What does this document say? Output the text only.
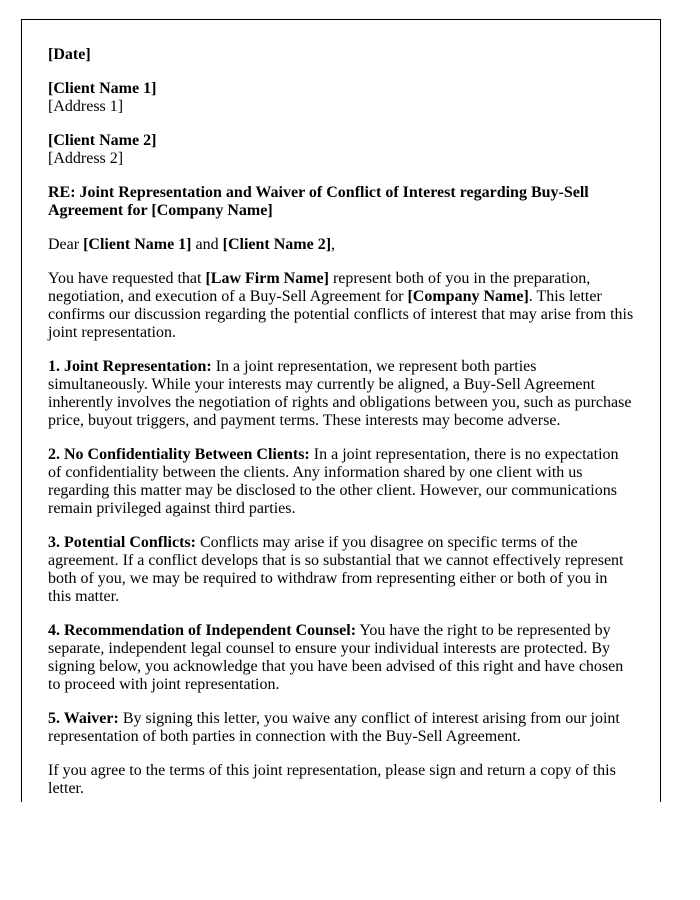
[Date]

[Client Name 1]
[Address 1]

[Client Name 2]
[Address 2]

RE: Joint Representation and Waiver of Conflict of Interest regarding Buy-Sell Agreement for [Company Name]

Dear [Client Name 1] and [Client Name 2],

You have requested that [Law Firm Name] represent both of you in the preparation, negotiation, and execution of a Buy-Sell Agreement for [Company Name]. This letter confirms our discussion regarding the potential conflicts of interest that may arise from this joint representation.

1. Joint Representation: In a joint representation, we represent both parties simultaneously. While your interests may currently be aligned, a Buy-Sell Agreement inherently involves the negotiation of rights and obligations between you, such as purchase price, buyout triggers, and payment terms. These interests may become adverse.

2. No Confidentiality Between Clients: In a joint representation, there is no expectation of confidentiality between the clients. Any information shared by one client with us regarding this matter may be disclosed to the other client. However, our communications remain privileged against third parties.

3. Potential Conflicts: Conflicts may arise if you disagree on specific terms of the agreement. If a conflict develops that is so substantial that we cannot effectively represent both of you, we may be required to withdraw from representing either or both of you in this matter.

4. Recommendation of Independent Counsel: You have the right to be represented by separate, independent legal counsel to ensure your individual interests are protected. By signing below, you acknowledge that you have been advised of this right and have chosen to proceed with joint representation.

5. Waiver: By signing this letter, you waive any conflict of interest arising from our joint representation of both parties in connection with the Buy-Sell Agreement.

If you agree to the terms of this joint representation, please sign and return a copy of this letter.
